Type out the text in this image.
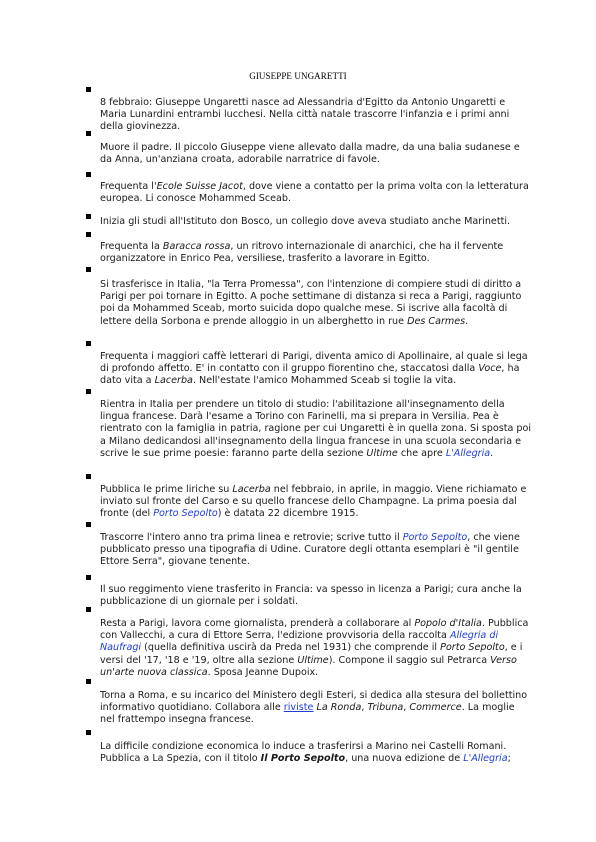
GIUSEPPE UNGARETTI

8 febbraio: Giuseppe Ungaretti nasce ad Alessandria d'Egitto da Antonio Ungaretti e Maria Lunardini entrambi lucchesi. Nella città natale trascorre l'infanzia e i primi anni della giovinezza.

Muore il padre. Il piccolo Giuseppe viene allevato dalla madre, da una balia sudanese e da Anna, un'anziana croata, adorabile narratrice di favole.

Frequenta l'Ecole Suisse Jacot, dove viene a contatto per la prima volta con la letteratura europea. Li conosce Mohammed Sceab.

Inizia gli studi all'Istituto don Bosco, un collegio dove aveva studiato anche Marinetti.

Frequenta la Baracca rossa, un ritrovo internazionale di anarchici, che ha il fervente organizzatore in Enrico Pea, versiliese, trasferito a lavorare in Egitto.

Si trasferisce in Italia, "la Terra Promessa", con l'intenzione di compiere studi di diritto a Parigi per poi tornare in Egitto. A poche settimane di distanza si reca a Parigi, raggiunto poi da Mohammed Sceab, morto suicida dopo qualche mese. Si iscrive alla facoltà di lettere della Sorbona e prende alloggio in un alberghetto in rue Des Carmes.

Frequenta i maggiori caffè letterari di Parigi, diventa amico di Apollinaire, al quale si lega di profondo affetto. E' in contatto con il gruppo fiorentino che, staccatosi dalla Voce, ha dato vita a Lacerba. Nell'estate l'amico Mohammed Sceab si toglie la vita.

Rientra in Italia per prendere un titolo di studio: l'abilitazione all'insegnamento della lingua francese. Darà l'esame a Torino con Farinelli, ma si prepara in Versilia. Pea è rientrato con la famiglia in patria, ragione per cui Ungaretti è in quella zona. Si sposta poi a Milano dedicandosi all'insegnamento della lingua francese in una scuola secondaria e scrive le sue prime poesie: faranno parte della sezione Ultime che apre L'Allegria.

Pubblica le prime liriche su Lacerba nel febbraio, in aprile, in maggio. Viene richiamato e inviato sul fronte del Carso e su quello francese dello Champagne. La prima poesia dal fronte (del Porto Sepolto) è datata 22 dicembre 1915.

Trascorre l'intero anno tra prima linea e retrovie; scrive tutto il Porto Sepolto, che viene pubblicato presso una tipografia di Udine. Curatore degli ottanta esemplari è "il gentile Ettore Serra", giovane tenente.

Il suo reggimento viene trasferito in Francia: va spesso in licenza a Parigi; cura anche la pubblicazione di un giornale per i soldati.

Resta a Parigi, lavora come giornalista, prenderà a collaborare al Popolo d'Italia. Pubblica con Vallecchi, a cura di Ettore Serra, l'edizione provvisoria della raccolta Allegria di Naufragi (quella definitiva uscirà da Preda nel 1931) che comprende il Porto Sepolto, e i versi del '17, '18 e '19, oltre alla sezione Ultime). Compone il saggio sul Petrarca Verso un'arte nuova classica. Sposa Jeanne Dupoix.

Torna a Roma, e su incarico del Ministero degli Esteri, si dedica alla stesura del bollettino informativo quotidiano. Collabora alle riviste La Ronda, Tribuna, Commerce. La moglie nel frattempo insegna francese.

La difficile condizione economica lo induce a trasferirsi a Marino nei Castelli Romani. Pubblica a La Spezia, con il titolo Il Porto Sepolto, una nuova edizione de L'Allegria;
